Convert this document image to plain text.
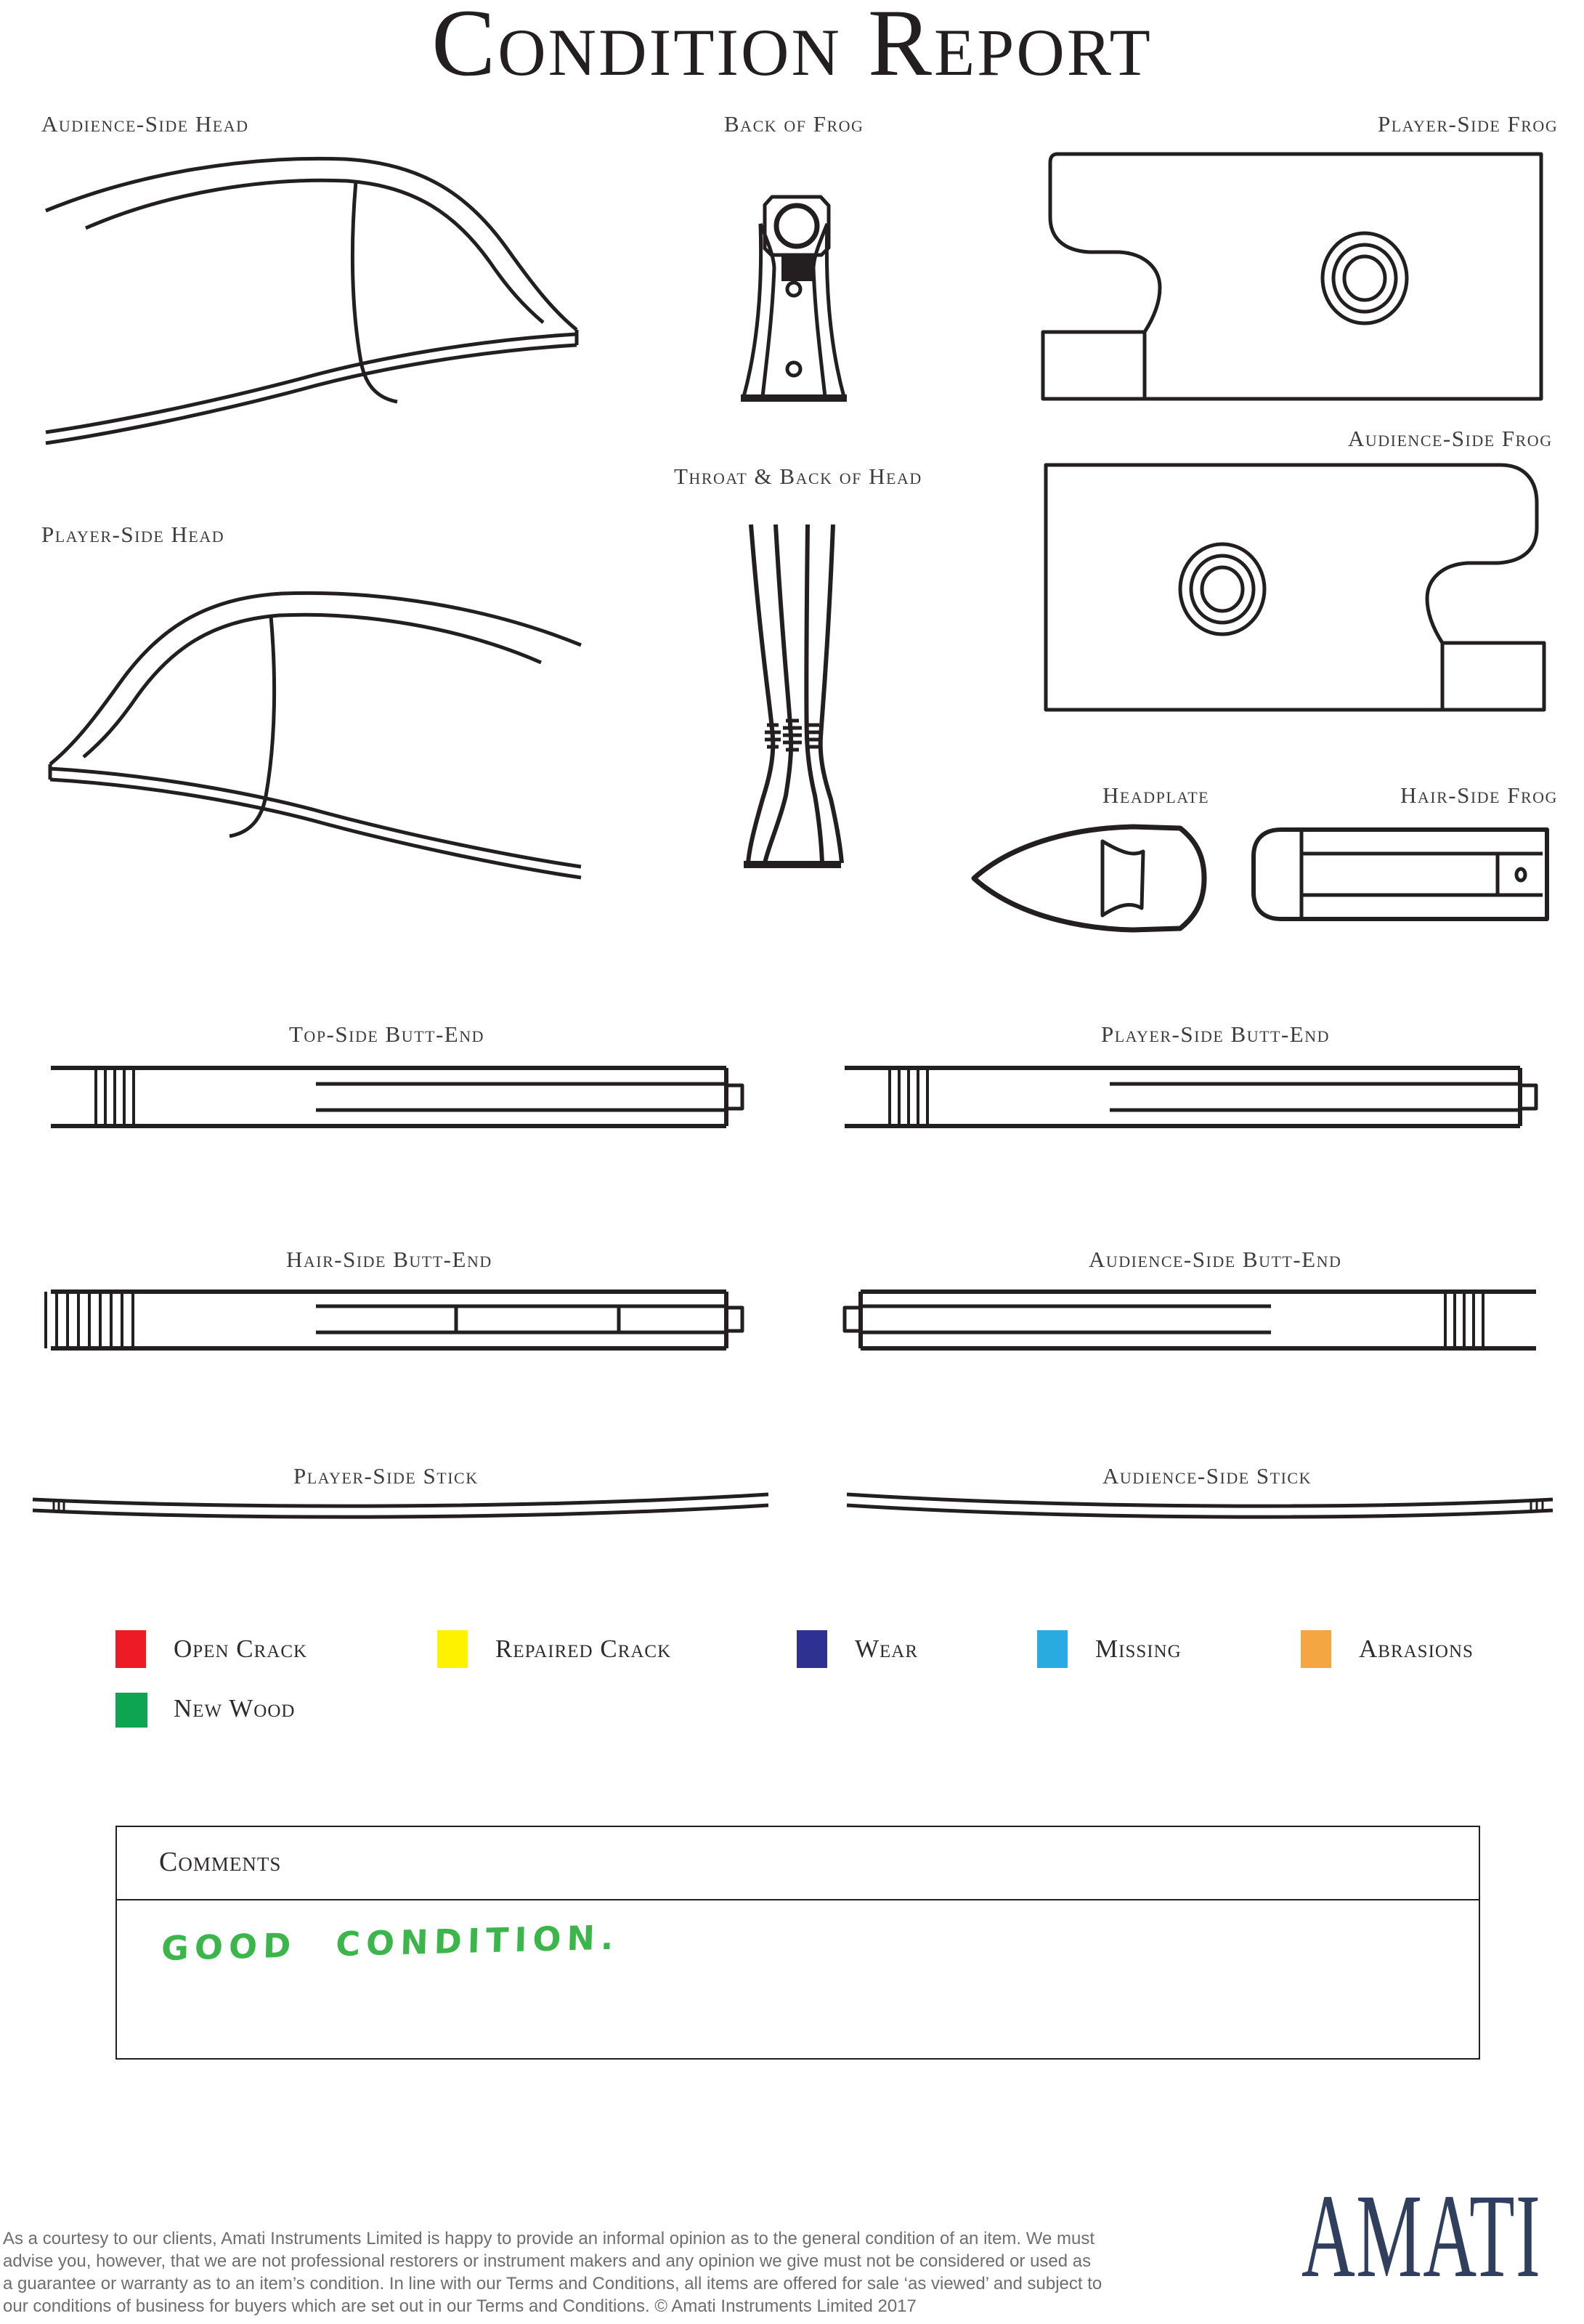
Condition Report
Audience-Side Head	Back of Frog	Player-Side Frog
Audience-Side Frog
Throat & Back of Head
Player-Side Head
Headplate	Hair-Side Frog
Top-Side Butt-End	Player-Side Butt-End
Hair-Side Butt-End	Audience-Side Butt-End
Player-Side Stick	Audience-Side Stick
Open Crack	Repaired Crack	Wear	Missing	Abrasions
New Wood
Comments
GOOD CONDITION.
As a courtesy to our clients, Amati Instruments Limited is happy to provide an informal opinion as to the general condition of an item. We must
advise you, however, that we are not professional restorers or instrument makers and any opinion we give must not be considered or used as
a guarantee or warranty as to an item’s condition. In line with our Terms and Conditions, all items are offered for sale ‘as viewed’ and subject to
our conditions of business for buyers which are set out in our Terms and Conditions. © Amati Instruments Limited 2017
AMATI
